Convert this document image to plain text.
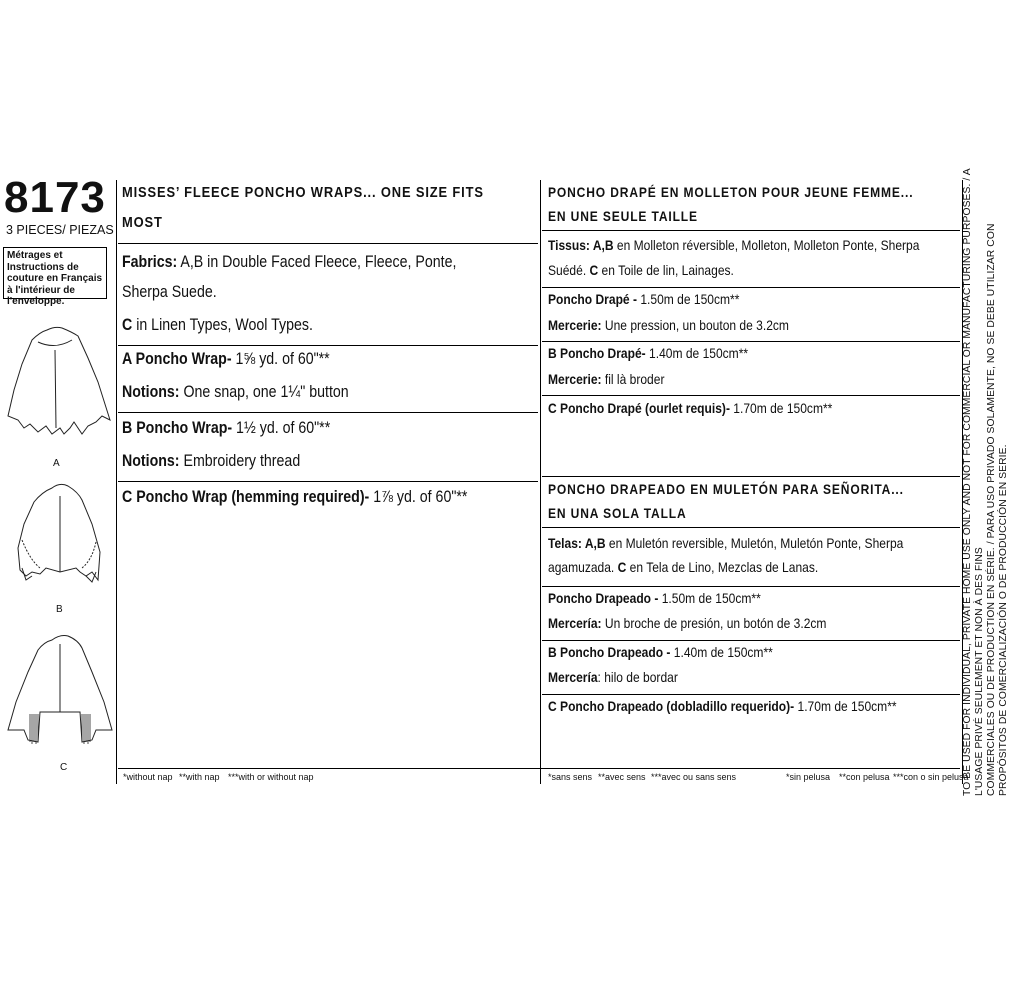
8173
3 PIECES/ PIEZAS
Métrages et Instructions de couture en Français à l'intérieur de l'enveloppe.
A
B
C
MISSES’ FLEECE PONCHO WRAPS... ONE SIZE FITS
MOST
Fabrics: A,B in Double Faced Fleece, Fleece, Ponte,
Sherpa Suede.
C in Linen Types, Wool Types.
A Poncho Wrap- 1⅝ yd. of 60"**
Notions: One snap, one 1¼" button
B Poncho Wrap- 1½ yd. of 60"**
Notions: Embroidery thread
C Poncho Wrap (hemming required)- 1⅞ yd. of 60"**
PONCHO DRAPÉ EN MOLLETON POUR JEUNE FEMME...
EN UNE SEULE TAILLE
Tissus: A,B en Molleton réversible, Molleton, Molleton Ponte, Sherpa
Suédé. C en Toile de lin, Lainages.
Poncho Drapé - 1.50m de 150cm**
Mercerie: Une pression, un bouton de 3.2cm
B Poncho Drapé- 1.40m de 150cm**
Mercerie: fil là broder
C Poncho Drapé (ourlet requis)- 1.70m de 150cm**
PONCHO DRAPEADO EN MULETÓN PARA SEÑORITA...
EN UNA SOLA TALLA
Telas: A,B en Muletón reversible, Muletón, Muletón Ponte, Sherpa
agamuzada. C en Tela de Lino, Mezclas de Lanas.
Poncho Drapeado - 1.50m de 150cm**
Mercería: Un broche de presión, un botón de 3.2cm
B Poncho Drapeado - 1.40m de 150cm**
Mercería: hilo de bordar
C Poncho Drapeado (dobladillo requerido)- 1.70m de 150cm**
*without nap **with nap ***with or without nap	*sans sens **avec sens ***avec ou sans sens	*sin pelusa **con pelusa ***con o sin pelusa
TO BE USED FOR INDIVIDUAL, PRIVATE HOME USE ONLY AND NOT FOR COMMERCIAL OR MANUFACTURING PURPOSES. / A L'USAGE PRIVÉ SEULEMENT ET NON À DES FINS COMMERCIALES OU DE PRODUCTION EN SÉRIE. / PARA USO PRIVADO SOLAMENTE, NO SE DEBE UTILIZAR CON PROPÓSITOS DE COMERCIALIZACIÓN O DE PRODUCCIÓN EN SERIE.
